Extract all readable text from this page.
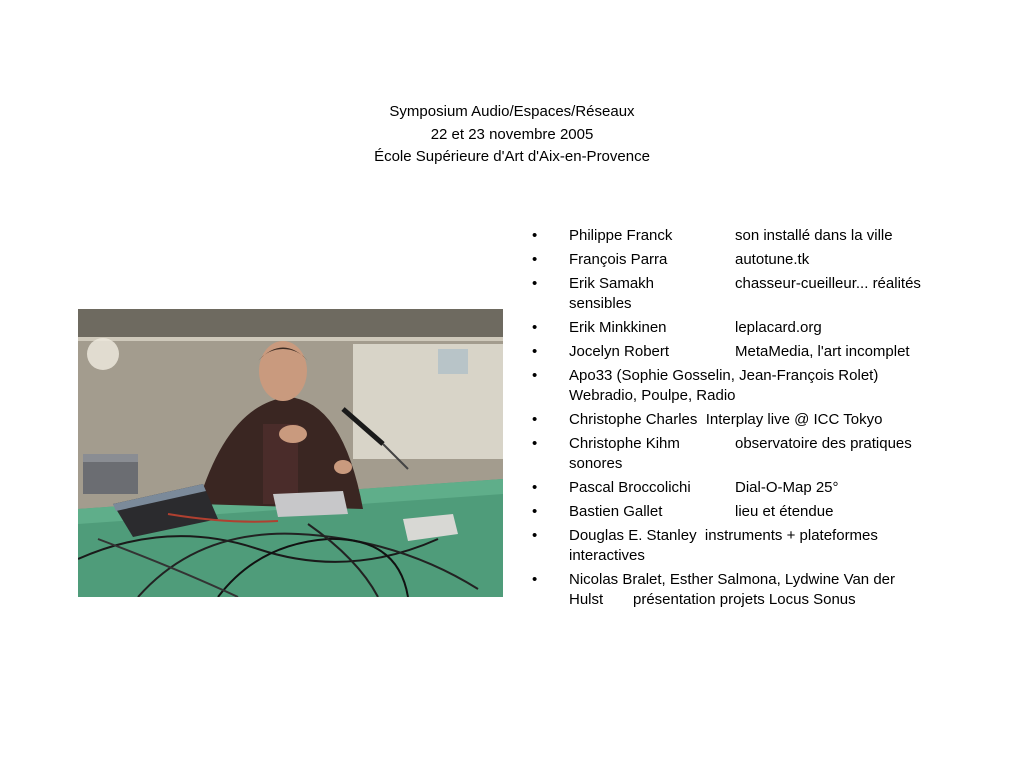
Symposium Audio/Espaces/Réseaux
22 et 23 novembre 2005
École Supérieure d'Art d'Aix-en-Provence
• Philippe Franck	son installé dans la ville
• François Parra	autotune.tk
• Erik Samakh	chasseur-cueilleur... réalités
sensibles
• Erik Minkkinen	leplacard.org
• Jocelyn Robert	MetaMedia, l'art incomplet
• Apo33 (Sophie Gosselin, Jean-François Rolet)
Webradio, Poulpe, Radio
• Christophe Charles  Interplay live @ ICC Tokyo
• Christophe Kihm	observatoire des pratiques
sonores
• Pascal Broccolichi	Dial-O-Map 25°
• Bastien Gallet	lieu et étendue
• Douglas E. Stanley  instruments + plateformes
interactives
• Nicolas Bralet, Esther Salmona, Lydwine Van der
Hulst présentation projets Locus Sonus
